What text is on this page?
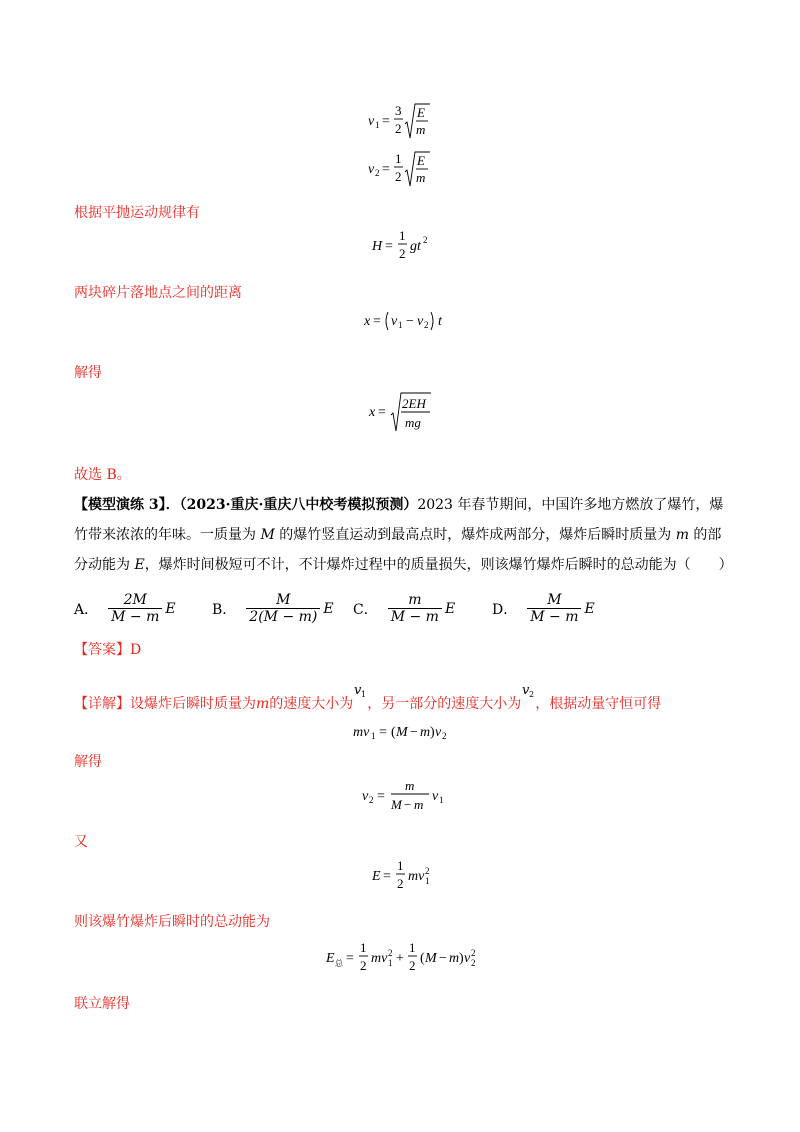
v 1 =
3
2
E
m
v 2 =
1
2
E
m
根据平抛运动规律有
H =
1
2 gt 2
两块碎片落地点之间的距离
x = v 1 − v 2 t
解得
x =
2EH
mg
故选 B。
【模型演练 3】．（2023·重庆·重庆八中校考模拟预测）2023 年春节期间，中国许多地方燃放了爆竹，爆竹带来浓浓的年味。一质量为 M 的爆竹竖直运动到最高点时，爆炸成两部分，爆炸后瞬时质量为 m 的部分动能为 E，爆炸时间极短可不计，不计爆炸过程中的质量损失，则该爆竹爆炸后瞬时的总动能为（　　）
A． $\frac{2M}{M - m}$ E	B． $\frac{M}{2(M - m)}$ E C． $\frac{m}{M - m}$ E	D． $\frac{M}{M - m}$ E
【答案】D
【详解】设爆炸后瞬时质量为m的速度大小为
v 1
，另一部分的速度大小为
v 2
，根据动量守恒可得
mv 1 = ( M − m ) v 2
解得
v 2 =
m
M − m
v 1
又
E =
1
2 mv 2
1
则该爆竹爆炸后瞬时的总动能为
E 总 =
1
2 mv 2
1 +
1
2 ( M − m ) v 2
2
联立解得
